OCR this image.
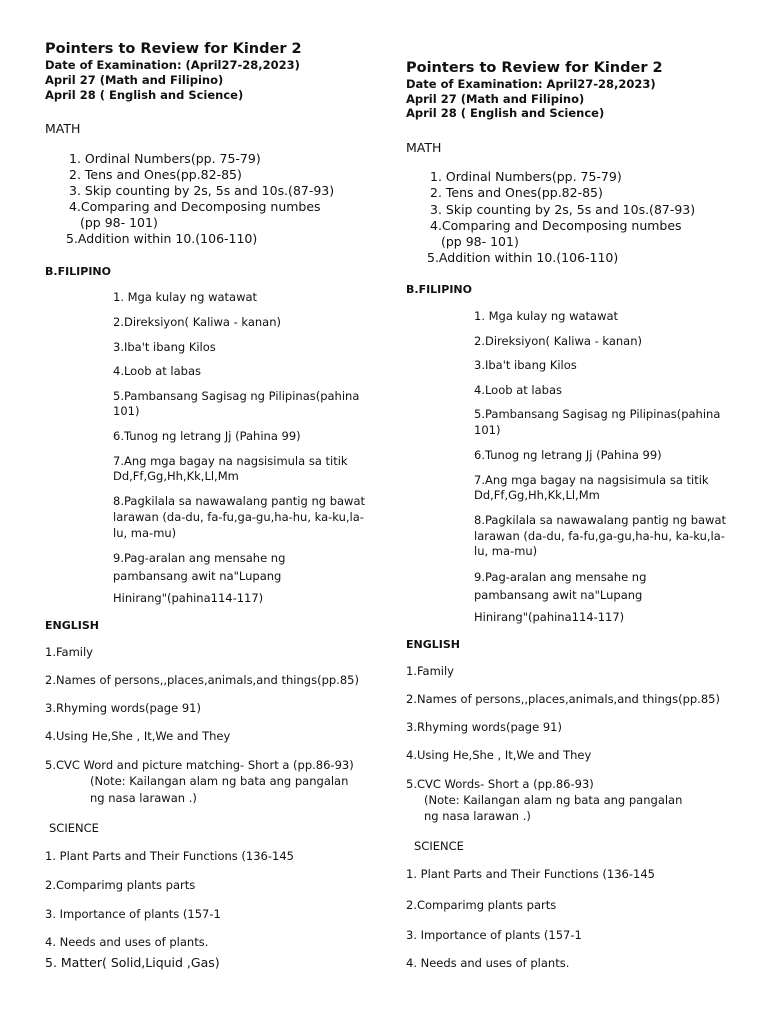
Pointers to Review for Kinder 2
Date of Examination: (April27-28,2023)
April 27 (Math and Filipino)
April 28 ( English and Science)
MATH
1. Ordinal Numbers(pp. 75-79)
2. Tens and Ones(pp.82-85)
3. Skip counting by 2s, 5s and 10s.(87-93)
4.Comparing and Decomposing numbes
(pp 98- 101)
5.Addition within 10.(106-110)
B.FILIPINO
1. Mga kulay ng watawat
2.Direksiyon( Kaliwa - kanan)
3.Iba't ibang Kilos
4.Loob at labas
5.Pambansang Sagisag ng Pilipinas(pahina
101)
6.Tunog ng letrang Jj (Pahina 99)
7.Ang mga bagay na nagsisimula sa titik
Dd,Ff,Gg,Hh,Kk,Ll,Mm
8.Pagkilala sa nawawalang pantig ng bawat
larawan (da-du, fa-fu,ga-gu,ha-hu, ka-ku,la-
lu, ma-mu)
9.Pag-aralan ang mensahe ng
pambansang awit na"Lupang
Hinirang"(pahina114-117)
ENGLISH
1.Family
2.Names of persons,,places,animals,and things(pp.85)
3.Rhyming words(page 91)
4.Using He,She , It,We and They
5.CVC Word and picture matching- Short a (pp.86-93)
(Note: Kailangan alam ng bata ang pangalan
ng nasa larawan .)
SCIENCE
1. Plant Parts and Their Functions (136-145
2.Comparimg plants parts
3. Importance of plants (157-1
4. Needs and uses of plants.
5. Matter( Solid,Liquid ,Gas)
Pointers to Review for Kinder 2
Date of Examination: April27-28,2023)
April 27 (Math and Filipino)
April 28 ( English and Science)
MATH
1. Ordinal Numbers(pp. 75-79)
2. Tens and Ones(pp.82-85)
3. Skip counting by 2s, 5s and 10s.(87-93)
4.Comparing and Decomposing numbes
(pp 98- 101)
5.Addition within 10.(106-110)
B.FILIPINO
1. Mga kulay ng watawat
2.Direksiyon( Kaliwa - kanan)
3.Iba't ibang Kilos
4.Loob at labas
5.Pambansang Sagisag ng Pilipinas(pahina
101)
6.Tunog ng letrang Jj (Pahina 99)
7.Ang mga bagay na nagsisimula sa titik
Dd,Ff,Gg,Hh,Kk,Ll,Mm
8.Pagkilala sa nawawalang pantig ng bawat
larawan (da-du, fa-fu,ga-gu,ha-hu, ka-ku,la-
lu, ma-mu)
9.Pag-aralan ang mensahe ng
pambansang awit na"Lupang
Hinirang"(pahina114-117)
ENGLISH
1.Family
2.Names of persons,,places,animals,and things(pp.85)
3.Rhyming words(page 91)
4.Using He,She , It,We and They
5.CVC Words- Short a (pp.86-93)
(Note: Kailangan alam ng bata ang pangalan
ng nasa larawan .)
SCIENCE
1. Plant Parts and Their Functions (136-145
2.Comparimg plants parts
3. Importance of plants (157-1
4. Needs and uses of plants.
